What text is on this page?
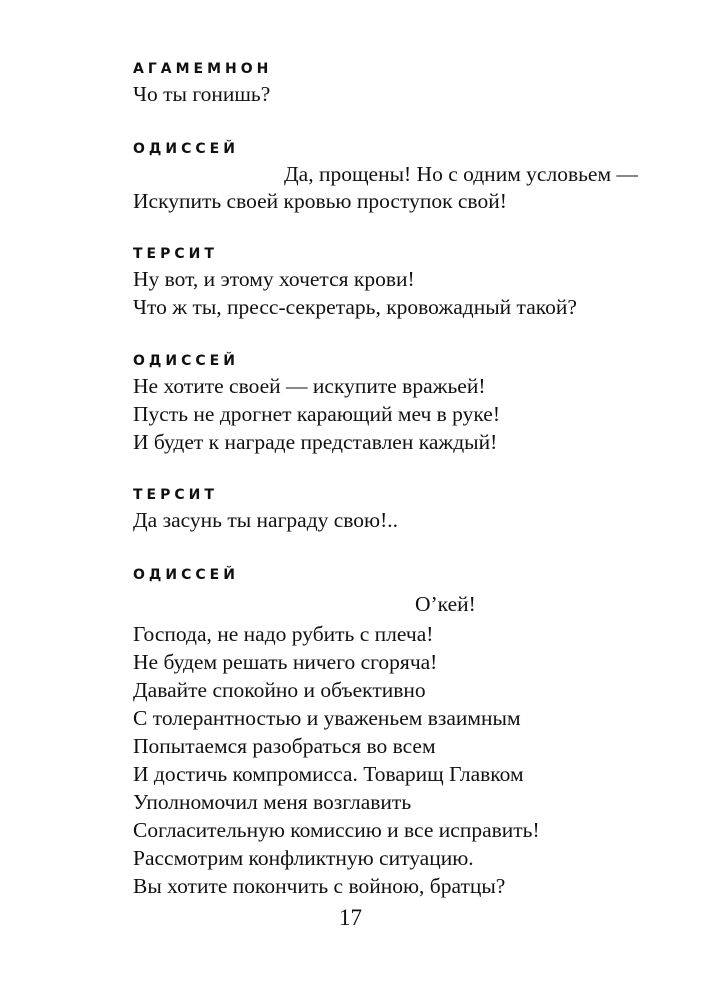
АГАМЕМНОН
Чо ты гонишь?
ОДИССЕЙ
Да, прощены! Но с одним условьем —
Искупить своей кровью проступок свой!
ТЕРСИТ
Ну вот, и этому хочется крови!
Что ж ты, пресс-секретарь, кровожадный такой?
ОДИССЕЙ
Не хотите своей — искупите вражьей!
Пусть не дрогнет карающий меч в руке!
И будет к награде представлен каждый!
ТЕРСИТ
Да засунь ты награду свою!..
ОДИССЕЙ
О’кей!
Господа, не надо рубить с плеча!
Не будем решать ничего сгоряча!
Давайте спокойно и объективно
С толерантностью и уваженьем взаимным
Попытаемся разобраться во всем
И достичь компромисса. Товарищ Главком
Уполномочил меня возглавить
Согласительную комиссию и все исправить!
Рассмотрим конфликтную ситуацию.
Вы хотите покончить с войною, братцы?
17
